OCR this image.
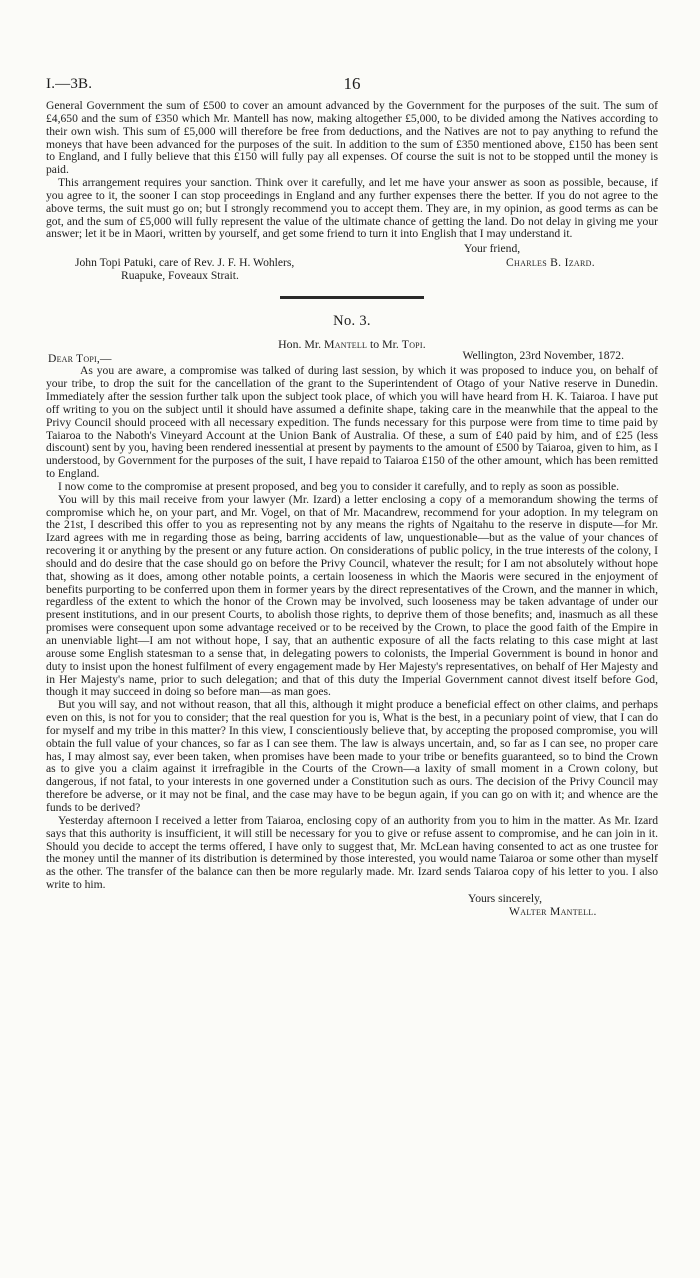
I.—3B.	16

General Government the sum of £500 to cover an amount advanced by the Government for the purposes of the suit. The sum of £4,650 and the sum of £350 which Mr. Mantell has now, making altogether £5,000, to be divided among the Natives according to their own wish. This sum of £5,000 will therefore be free from deductions, and the Natives are not to pay anything to refund the moneys that have been advanced for the purposes of the suit. In addition to the sum of £350 mentioned above, £150 has been sent to England, and I fully believe that this £150 will fully pay all expenses. Of course the suit is not to be stopped until the money is paid.

This arrangement requires your sanction. Think over it carefully, and let me have your answer as soon as possible, because, if you agree to it, the sooner I can stop proceedings in England and any further expenses there the better. If you do not agree to the above terms, the suit must go on; but I strongly recommend you to accept them. They are, in my opinion, as good terms as can be got, and the sum of £5,000 will fully represent the value of the ultimate chance of getting the land. Do not delay in giving me your answer; let it be in Maori, written by yourself, and get some friend to turn it into English that I may understand it.

Your friend,
John Topi Patuki, care of Rev. J. F. H. Wohlers,
Ruapuke, Foveaux Strait.
Charles B. Izard.
No. 3.
Hon. Mr. Mantell to Mr. Topi.
Dear Topi,—	Wellington, 23rd November, 1872.

As you are aware, a compromise was talked of during last session, by which it was proposed to induce you, on behalf of your tribe, to drop the suit for the cancellation of the grant to the Superintendent of Otago of your Native reserve in Dunedin. Immediately after the session further talk upon the subject took place, of which you will have heard from H. K. Taiaroa. I have put off writing to you on the subject until it should have assumed a definite shape, taking care in the meanwhile that the appeal to the Privy Council should proceed with all necessary expedition. The funds necessary for this purpose were from time to time paid by Taiaroa to the Naboth's Vineyard Account at the Union Bank of Australia. Of these, a sum of £40 paid by him, and of £25 (less discount) sent by you, having been rendered inessential at present by payments to the amount of £500 by Taiaroa, given to him, as I understood, by Government for the purposes of the suit, I have repaid to Taiaroa £150 of the other amount, which has been remitted to England.

I now come to the compromise at present proposed, and beg you to consider it carefully, and to reply as soon as possible.

You will by this mail receive from your lawyer (Mr. Izard) a letter enclosing a copy of a memorandum showing the terms of compromise which he, on your part, and Mr. Vogel, on that of Mr. Macandrew, recommend for your adoption. In my telegram on the 21st, I described this offer to you as representing not by any means the rights of Ngaitahu to the reserve in dispute—for Mr. Izard agrees with me in regarding those as being, barring accidents of law, unquestionable—but as the value of your chances of recovering it or anything by the present or any future action. On considerations of public policy, in the true interests of the colony, I should and do desire that the case should go on before the Privy Council, whatever the result; for I am not absolutely without hope that, showing as it does, among other notable points, a certain looseness in which the Maoris were secured in the enjoyment of benefits purporting to be conferred upon them in former years by the direct representatives of the Crown, and the manner in which, regardless of the extent to which the honor of the Crown may be involved, such looseness may be taken advantage of under our present institutions, and in our present Courts, to abolish those rights, to deprive them of those benefits; and, inasmuch as all these promises were consequent upon some advantage received or to be received by the Crown, to place the good faith of the Empire in an unenviable light—I am not without hope, I say, that an authentic exposure of all the facts relating to this case might at last arouse some English statesman to a sense that, in delegating powers to colonists, the Imperial Government is bound in honor and duty to insist upon the honest fulfilment of every engagement made by Her Majesty's representatives, on behalf of Her Majesty and in Her Majesty's name, prior to such delegation; and that of this duty the Imperial Government cannot divest itself before God, though it may succeed in doing so before man—as man goes.

But you will say, and not without reason, that all this, although it might produce a beneficial effect on other claims, and perhaps even on this, is not for you to consider; that the real question for you is, What is the best, in a pecuniary point of view, that I can do for myself and my tribe in this matter? In this view, I conscientiously believe that, by accepting the proposed compromise, you will obtain the full value of your chances, so far as I can see them. The law is always uncertain, and, so far as I can see, no proper care has, I may almost say, ever been taken, when promises have been made to your tribe or benefits guaranteed, so to bind the Crown as to give you a claim against it irrefragible in the Courts of the Crown—a laxity of small moment in a Crown colony, but dangerous, if not fatal, to your interests in one governed under a Constitution such as ours. The decision of the Privy Council may therefore be adverse, or it may not be final, and the case may have to be begun again, if you can go on with it; and whence are the funds to be derived?

Yesterday afternoon I received a letter from Taiaroa, enclosing copy of an authority from you to him in the matter. As Mr. Izard says that this authority is insufficient, it will still be necessary for you to give or refuse assent to compromise, and he can join in it. Should you decide to accept the terms offered, I have only to suggest that, Mr. McLean having consented to act as one trustee for the money until the manner of its distribution is determined by those interested, you would name Taiaroa or some other than myself as the other. The transfer of the balance can then be more regularly made. Mr. Izard sends Taiaroa copy of his letter to you. I also write to him.

Yours sincerely,
Walter Mantell.
